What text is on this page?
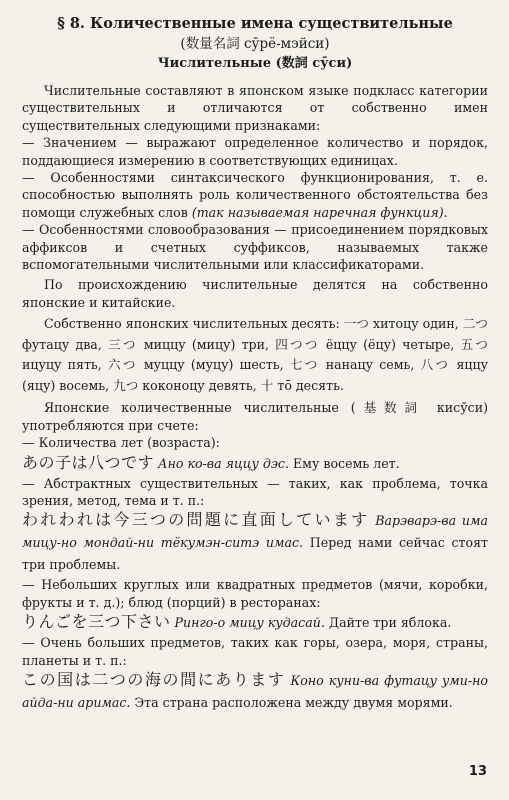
§ 8. Количественные имена существительные
(数量名詞 сӯрё-мэйси)
Числительные (数詞 сӯси)

Числительные составляют в японском языке подкласс категории существительных и отличаются от собственно имен существительных следующими признаками:

— Значением — выражают определенное количество и порядок, поддающиеся измерению в соответствующих единицах.

— Особенностями синтаксического функционирования, т. е. способностью выполнять роль количественного обстоятельства без помощи служебных слов (так называемая наречная функция).

— Особенностями словообразования — присоединением порядковых аффиксов и счетных суффиксов, называемых также вспомогательными числительными или классификаторами.

По происхождению числительные делятся на собственно японские и китайские.

Собственно японских числительных десять: 一つ хитоцу один, 二つ футацу два, 三つ миццу (мицу) три, 四つつ ёццу (ёцу) четыре, 五つ ицуцу пять, 六つ муццу (муцу) шесть, 七つ нанацу семь, 八つ яццу (яцу) восемь, 九つ коконоцу девять, 十 тō десять.

Японские количественные числительные (基数詞 кисӯси) употребляются при счете:

— Количества лет (возраста):

あの子は八つです Ано ко-ва яццу дэс. Ему восемь лет.

— Абстрактных существительных — таких, как проблема, точка зрения, метод, тема и т. п.:

われわれは今三つの問題に直面しています Варэварэ-ва има мицу-но мондай-ни тёкумэн-ситэ имас. Перед нами сейчас стоят три проблемы.

— Небольших круглых или квадратных предметов (мячи, коробки, фрукты и т. д.); блюд (порций) в ресторанах:

りんごを三つ下さい Ринго-о мицу кудасай. Дайте три яблока.

— Очень больших предметов, таких как горы, озера, моря, страны, планеты и т. п.:

この国は二つの海の間にあります Коно куни-ва футацу уми-но айда-ни аримас. Эта страна расположена между двумя морями.

13
